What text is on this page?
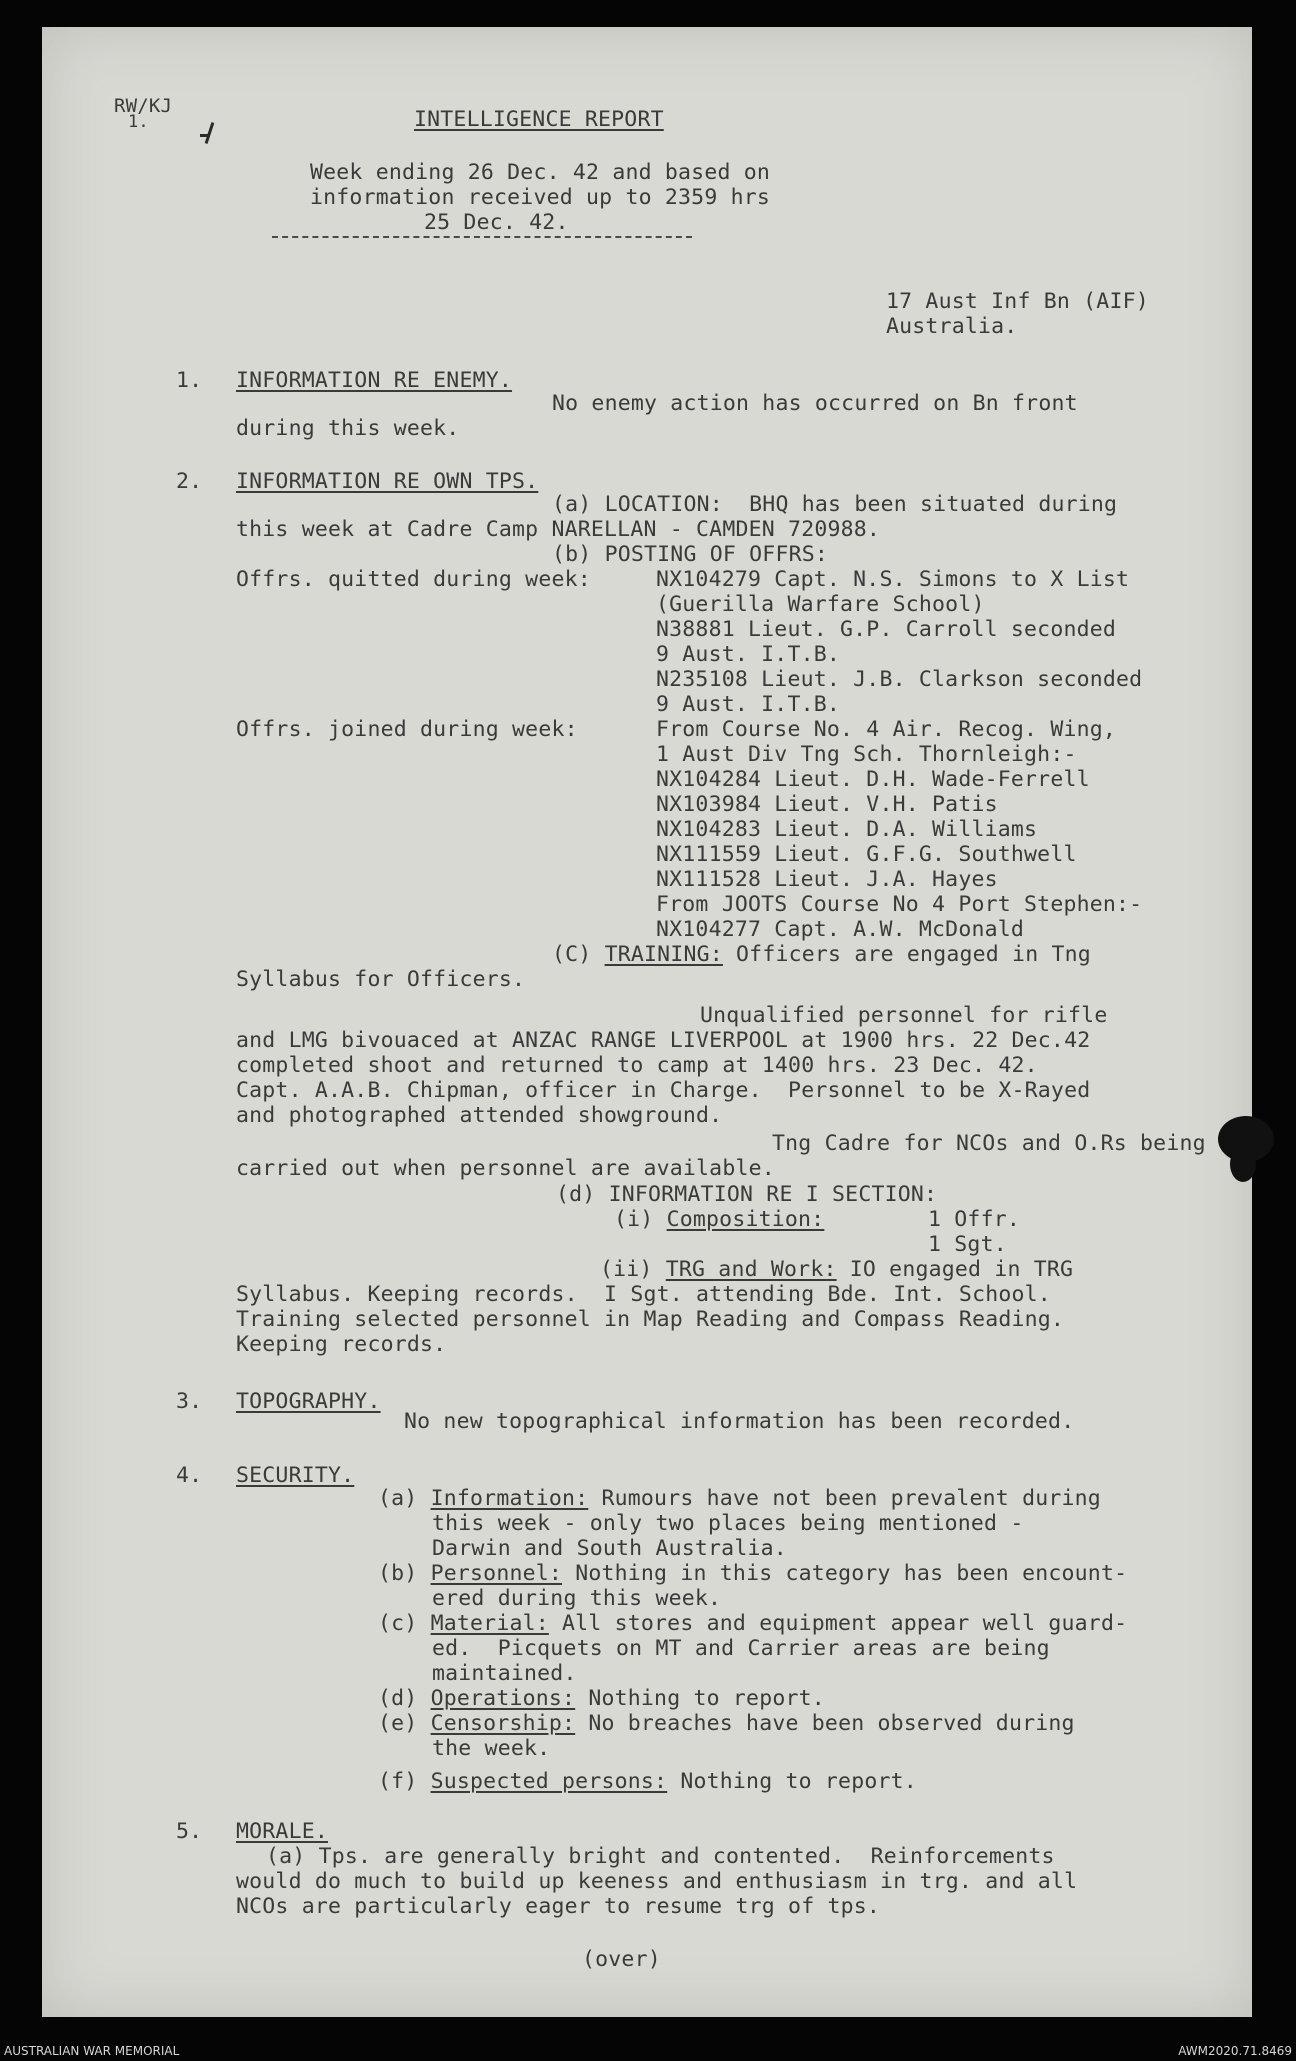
RW/KJ
1.	INTELLIGENCE REPORT
Week ending 26 Dec. 42 and based on
information received up to 2359 hrs
25 Dec. 42.
17 Aust Inf Bn (AIF)
Australia.
1. INFORMATION RE ENEMY.
No enemy action has occurred on Bn front
during this week.
2. INFORMATION RE OWN TPS.
(a) LOCATION:  BHQ has been situated during
this week at Cadre Camp NARELLAN - CAMDEN 720988.
(b) POSTING OF OFFRS:
Offrs. quitted during week:	NX104279 Capt. N.S. Simons to X List
(Guerilla Warfare School)
N38881 Lieut. G.P. Carroll seconded
9 Aust. I.T.B.
N235108 Lieut. J.B. Clarkson seconded
9 Aust. I.T.B.
Offrs. joined during week:	From Course No. 4 Air. Recog. Wing,
1 Aust Div Tng Sch. Thornleigh:-
NX104284 Lieut. D.H. Wade-Ferrell
NX103984 Lieut. V.H. Patis
NX104283 Lieut. D.A. Williams
NX111559 Lieut. G.F.G. Southwell
NX111528 Lieut. J.A. Hayes
From JOOTS Course No 4 Port Stephen:-
NX104277 Capt. A.W. McDonald
(C) TRAINING: Officers are engaged in Tng
Syllabus for Officers.
Unqualified personnel for rifle
and LMG bivouaced at ANZAC RANGE LIVERPOOL at 1900 hrs. 22 Dec.42
completed shoot and returned to camp at 1400 hrs. 23 Dec. 42.
Capt. A.A.B. Chipman, officer in Charge.  Personnel to be X-Rayed
and photographed attended showground.
Tng Cadre for NCOs and O.Rs being
carried out when personnel are available.
(d) INFORMATION RE I SECTION:
(i) Composition:	1 Offr.
1 Sgt.
(ii) TRG and Work: IO engaged in TRG
Syllabus. Keeping records.  I Sgt. attending Bde. Int. School.
Training selected personnel in Map Reading and Compass Reading.
Keeping records.
3. TOPOGRAPHY.
No new topographical information has been recorded.
4. SECURITY.
(a) Information: Rumours have not been prevalent during
this week - only two places being mentioned -
Darwin and South Australia.
(b) Personnel: Nothing in this category has been encount-
ered during this week.
(c) Material: All stores and equipment appear well guard-
ed.  Picquets on MT and Carrier areas are being
maintained.
(d) Operations: Nothing to report.
(e) Censorship: No breaches have been observed during
the week.
(f) Suspected persons: Nothing to report.
5. MORALE.
(a) Tps. are generally bright and contented.  Reinforcements
would do much to build up keeness and enthusiasm in trg. and all
NCOs are particularly eager to resume trg of tps.
(over)
AUSTRALIAN WAR MEMORIAL	AWM2020.71.8469
